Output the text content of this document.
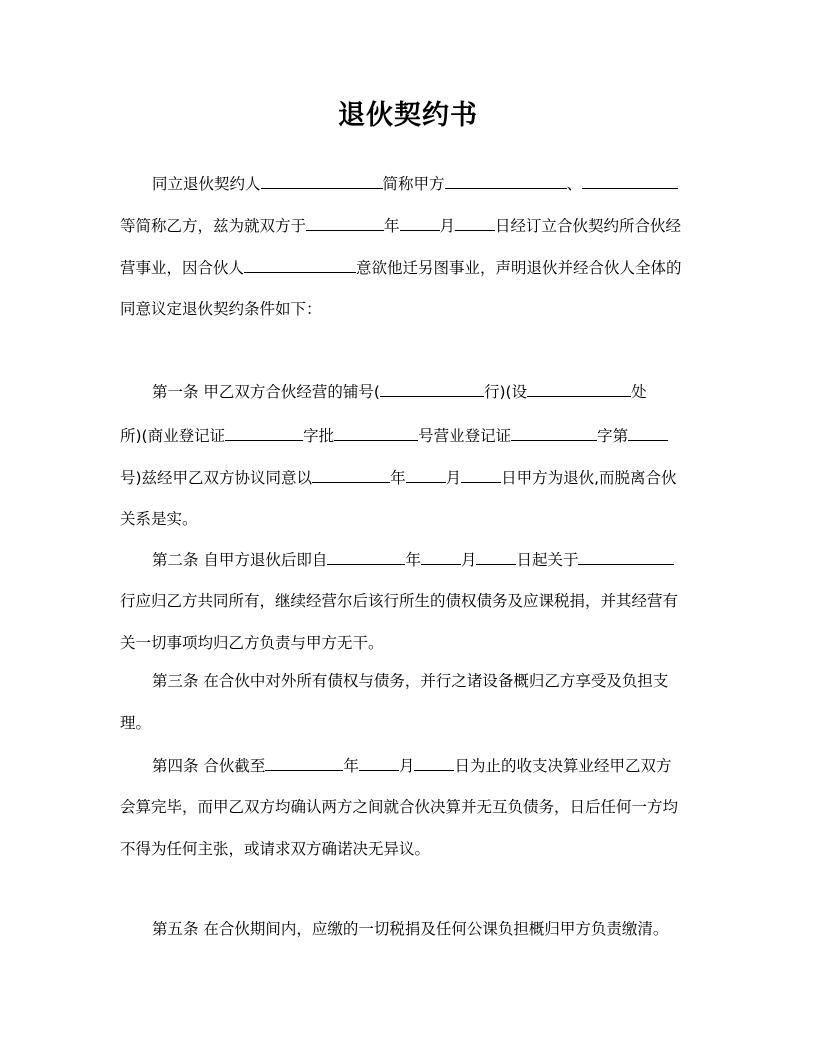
退伙契约书
同立退伙契约人	简称甲方	、
等简称乙方，兹为就双方于	年	月	日经订立合伙契约所合伙经
营事业，因合伙人	意欲他迁另图事业，声明退伙并经合伙人全体的
同意议定退伙契约条件如下：
第一条 甲乙双方合伙经营的铺号(	行)(设	处
所)(商业登记证	字批	号营业登记证	字第
号)兹经甲乙双方协议同意以	年	月	日甲方为退伙,而脱离合伙
关系是实。
第二条 自甲方退伙后即自	年	月	日起关于
行应归乙方共同所有，继续经营尔后该行所生的债权债务及应课税捐，并其经营有
关一切事项均归乙方负责与甲方无干。
第三条 在合伙中对外所有债权与债务，并行之诸设备概归乙方享受及负担支
理。
第四条 合伙截至	年	月	日为止的收支决算业经甲乙双方
会算完毕，而甲乙双方均确认两方之间就合伙决算并无互负债务，日后任何一方均
不得为任何主张，或请求双方确诺决无异议。
第五条 在合伙期间内，应缴的一切税捐及任何公课负担概归甲方负责缴清。
